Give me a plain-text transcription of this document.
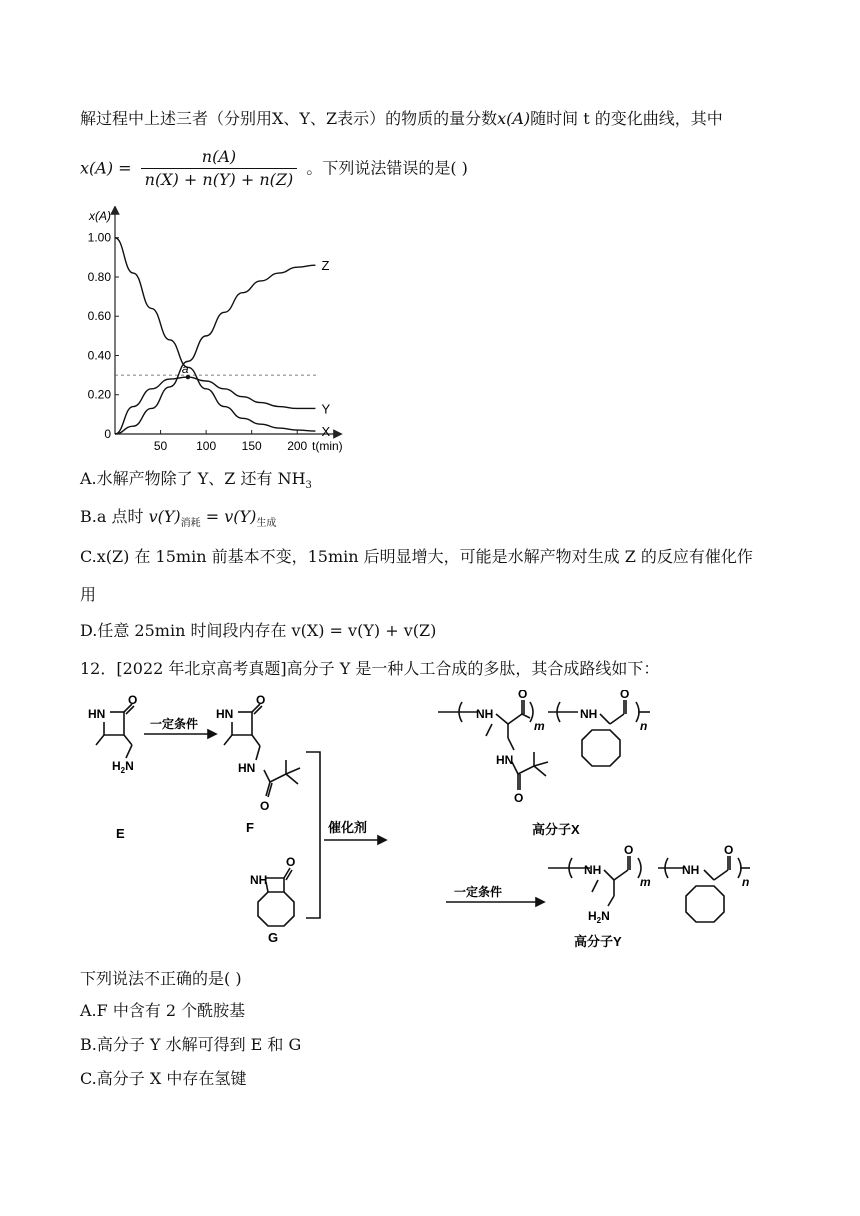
解过程中上述三者（分别用X、Y、Z表示）的物质的量分数x(A)随时间 t 的变化曲线，其中
$x(A) = \frac{n(A)}{n(X) + n(Y) + n(Z)}$ 。下列说法错误的是( )
x(A)
t(min)
50 100 150 200
0
0.20
0.40
0.60
0.80
1.00
X
Y
Z
a
A.水解产物除了 Y、Z 还有 $NH_3$
B.a 点时 $v(Y)_{消耗} = v(Y)_{生成}$
C.x(Z) 在 15min 前基本不变，15min 后明显增大，可能是水解产物对生成 Z 的反应有催化作
用
D.任意 25min 时间段内存在 v(X) = v(Y) + v(Z)
12．[2022 年北京高考真题]高分子 Y 是一种人工合成的多肽，其合成路线如下：
HN
O
$H_2N$
E
一定条件
HN
O
HN
O
F	催化剂
NH
O
G
NH
O
m
NH
O
n
HN
O
高分子X
一定条件
NH
O
m
NH
O
n
$H_2N$
高分子Y
下列说法不正确的是( )
A.F 中含有 2 个酰胺基
B.高分子 Y 水解可得到 E 和 G
C.高分子 X 中存在氢键
